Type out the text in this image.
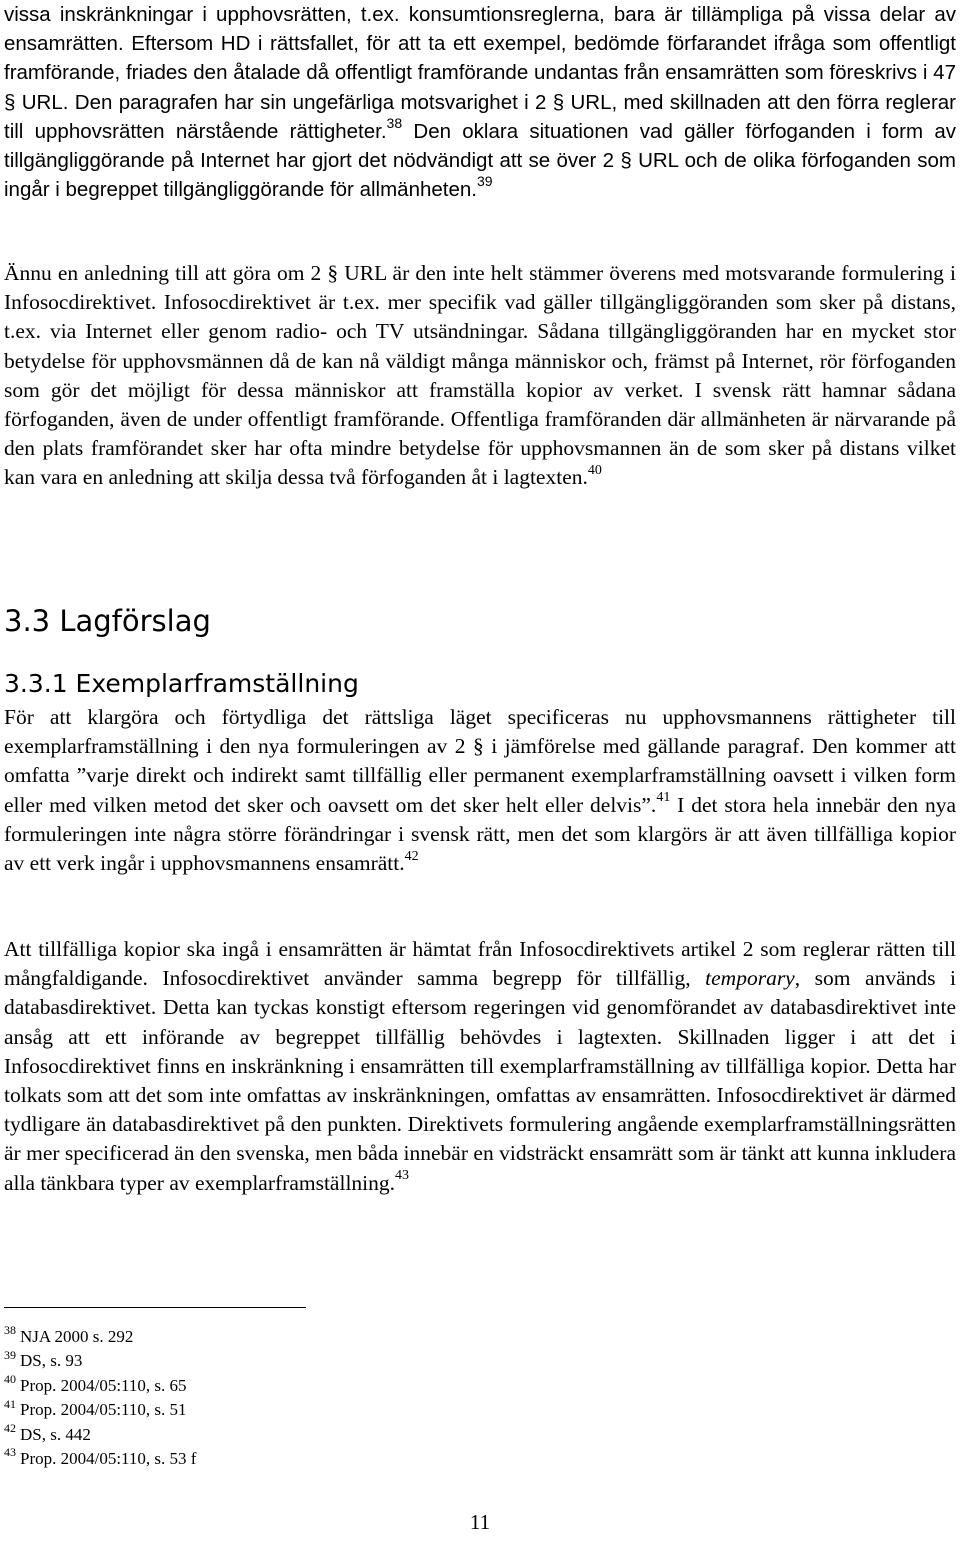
vissa inskränkningar i upphovsrätten, t.ex. konsumtionsreglerna, bara är tillämpliga på vissa delar av ensamrätten. Eftersom HD i rättsfallet, för att ta ett exempel, bedömde förfarandet ifråga som offentligt framförande, friades den åtalade då offentligt framförande undantas från ensamrätten som föreskrivs i 47 § URL. Den paragrafen har sin ungefärliga motsvarighet i 2 § URL, med skillnaden att den förra reglerar till upphovsrätten närstående rättigheter.$^{38}$ Den oklara situationen vad gäller förfoganden i form av tillgängliggörande på Internet har gjort det nödvändigt att se över 2 § URL och de olika förfoganden som ingår i begreppet tillgängliggörande för allmänheten.$^{39}$

Ännu en anledning till att göra om 2 § URL är den inte helt stämmer överens med motsvarande formulering i Infosocdirektivet. Infosocdirektivet är t.ex. mer specifik vad gäller tillgängliggöranden som sker på distans, t.ex. via Internet eller genom radio- och TV utsändningar. Sådana tillgängliggöranden har en mycket stor betydelse för upphovsmännen då de kan nå väldigt många människor och, främst på Internet, rör förfoganden som gör det möjligt för dessa människor att framställa kopior av verket. I svensk rätt hamnar sådana förfoganden, även de under offentligt framförande. Offentliga framföranden där allmänheten är närvarande på den plats framförandet sker har ofta mindre betydelse för upphovsmannen än de som sker på distans vilket kan vara en anledning att skilja dessa två förfoganden åt i lagtexten.$^{40}$

3.3 Lagförslag
3.3.1 Exemplarframställning

För att klargöra och förtydliga det rättsliga läget specificeras nu upphovsmannens rättigheter till exemplarframställning i den nya formuleringen av 2 § i jämförelse med gällande paragraf. Den kommer att omfatta ”varje direkt och indirekt samt tillfällig eller permanent exemplarframställning oavsett i vilken form eller med vilken metod det sker och oavsett om det sker helt eller delvis”.$^{41}$ I det stora hela innebär den nya formuleringen inte några större förändringar i svensk rätt, men det som klargörs är att även tillfälliga kopior av ett verk ingår i upphovsmannens ensamrätt.$^{42}$

Att tillfälliga kopior ska ingå i ensamrätten är hämtat från Infosocdirektivets artikel 2 som reglerar rätten till mångfaldigande. Infosocdirektivet använder samma begrepp för tillfällig, temporary, som används i databasdirektivet. Detta kan tyckas konstigt eftersom regeringen vid genomförandet av databasdirektivet inte ansåg att ett införande av begreppet tillfällig behövdes i lagtexten. Skillnaden ligger i att det i Infosocdirektivet finns en inskränkning i ensamrätten till exemplarframställning av tillfälliga kopior. Detta har tolkats som att det som inte omfattas av inskränkningen, omfattas av ensamrätten. Infosocdirektivet är därmed tydligare än databasdirektivet på den punkten. Direktivets formulering angående exemplarframställningsrätten är mer specificerad än den svenska, men båda innebär en vidsträckt ensamrätt som är tänkt att kunna inkludera alla tänkbara typer av exemplarframställning.$^{43}$

$^{38}$ NJA 2000 s. 292
$^{39}$ DS, s. 93
$^{40}$ Prop. 2004/05:110, s. 65
$^{41}$ Prop. 2004/05:110, s. 51
$^{42}$ DS, s. 442
$^{43}$ Prop. 2004/05:110, s. 53 f
11
